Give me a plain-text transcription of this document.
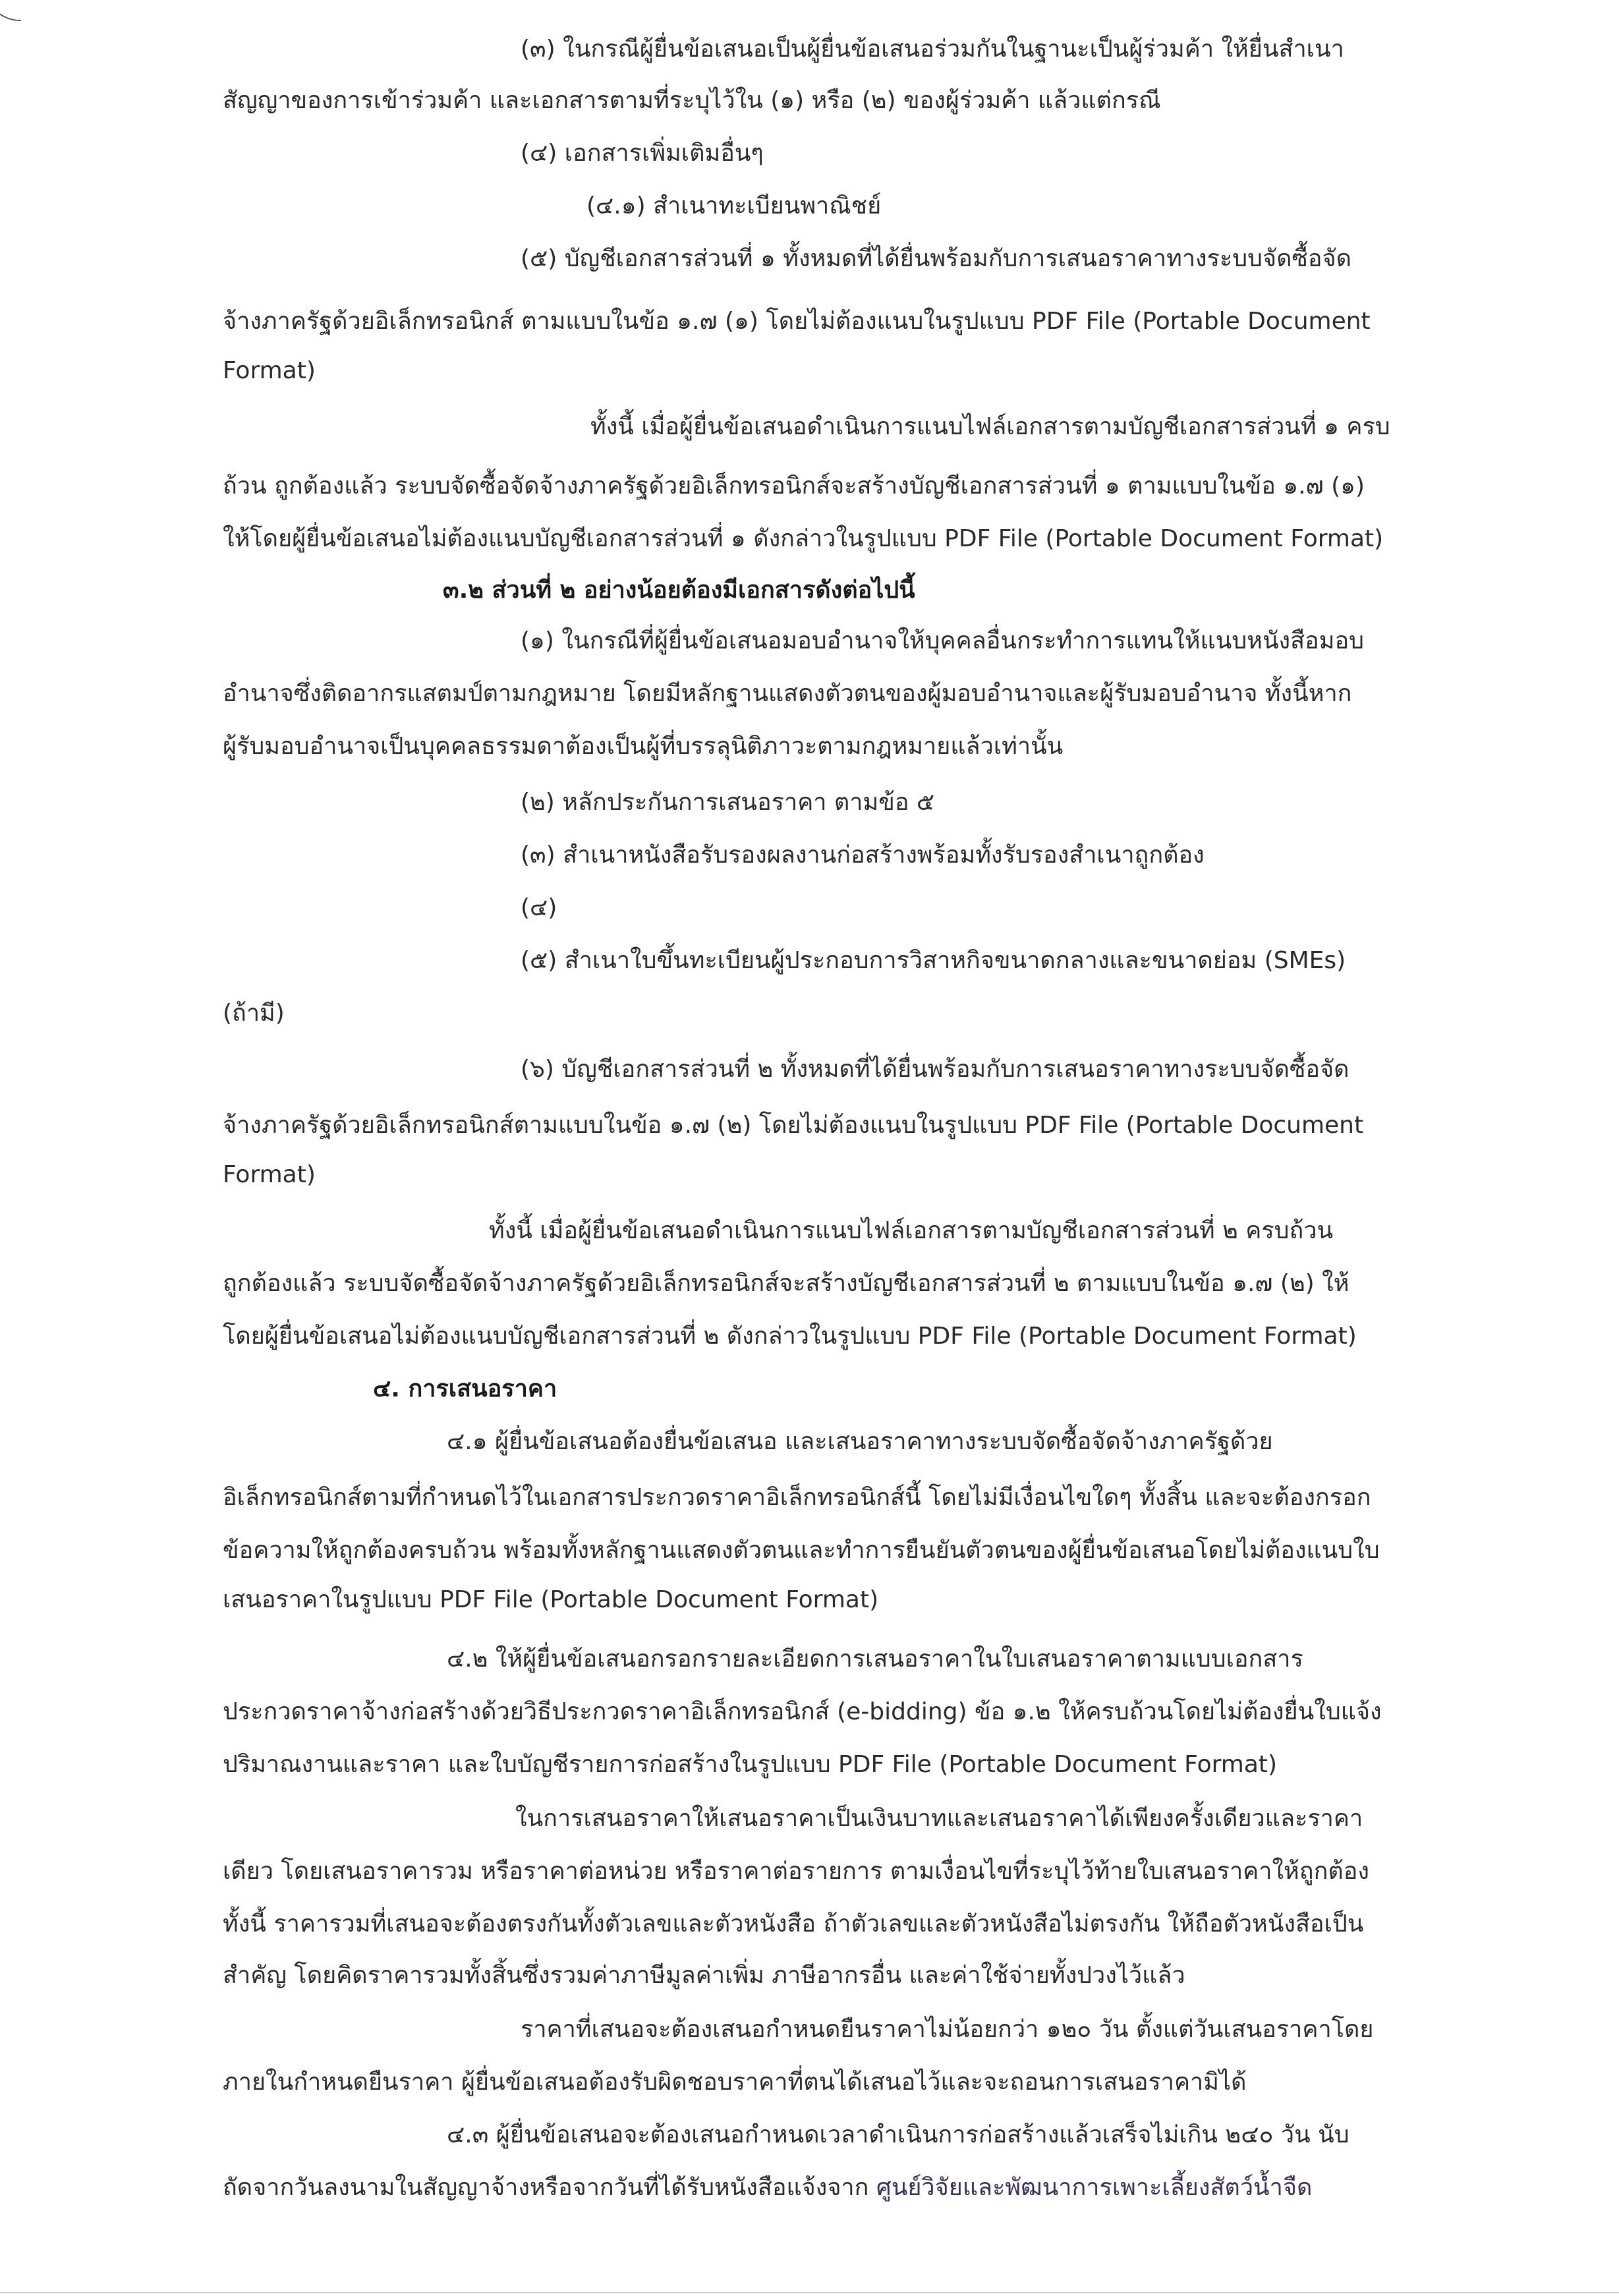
(๓) ในกรณีผู้ยื่นข้อเสนอเป็นผู้ยื่นข้อเสนอร่วมกันในฐานะเป็นผู้ร่วมค้า ให้ยื่นสำเนา
สัญญาของการเข้าร่วมค้า และเอกสารตามที่ระบุไว้ใน (๑) หรือ (๒) ของผู้ร่วมค้า แล้วแต่กรณี
(๔) เอกสารเพิ่มเติมอื่นๆ
(๔.๑) สำเนาทะเบียนพาณิชย์
(๕) บัญชีเอกสารส่วนที่ ๑ ทั้งหมดที่ได้ยื่นพร้อมกับการเสนอราคาทางระบบจัดซื้อจัด
จ้างภาครัฐด้วยอิเล็กทรอนิกส์ ตามแบบในข้อ ๑.๗ (๑) โดยไม่ต้องแนบในรูปแบบ PDF File (Portable Document
Format)
ทั้งนี้ เมื่อผู้ยื่นข้อเสนอดำเนินการแนบไฟล์เอกสารตามบัญชีเอกสารส่วนที่ ๑ ครบ
ถ้วน ถูกต้องแล้ว ระบบจัดซื้อจัดจ้างภาครัฐด้วยอิเล็กทรอนิกส์จะสร้างบัญชีเอกสารส่วนที่ ๑ ตามแบบในข้อ ๑.๗ (๑)
ให้โดยผู้ยื่นข้อเสนอไม่ต้องแนบบัญชีเอกสารส่วนที่ ๑ ดังกล่าวในรูปแบบ PDF File (Portable Document Format)
๓.๒ ส่วนที่ ๒ อย่างน้อยต้องมีเอกสารดังต่อไปนี้
(๑) ในกรณีที่ผู้ยื่นข้อเสนอมอบอำนาจให้บุคคลอื่นกระทำการแทนให้แนบหนังสือมอบ
อำนาจซึ่งติดอากรแสตมป์ตามกฎหมาย โดยมีหลักฐานแสดงตัวตนของผู้มอบอำนาจและผู้รับมอบอำนาจ ทั้งนี้หาก
ผู้รับมอบอำนาจเป็นบุคคลธรรมดาต้องเป็นผู้ที่บรรลุนิติภาวะตามกฎหมายแล้วเท่านั้น
(๒) หลักประกันการเสนอราคา ตามข้อ ๕
(๓) สำเนาหนังสือรับรองผลงานก่อสร้างพร้อมทั้งรับรองสำเนาถูกต้อง
(๔)
(๕) สำเนาใบขึ้นทะเบียนผู้ประกอบการวิสาหกิจขนาดกลางและขนาดย่อม (SMEs)
(ถ้ามี)
(๖) บัญชีเอกสารส่วนที่ ๒ ทั้งหมดที่ได้ยื่นพร้อมกับการเสนอราคาทางระบบจัดซื้อจัด
จ้างภาครัฐด้วยอิเล็กทรอนิกส์ตามแบบในข้อ ๑.๗ (๒) โดยไม่ต้องแนบในรูปแบบ PDF File (Portable Document
Format)
ทั้งนี้ เมื่อผู้ยื่นข้อเสนอดำเนินการแนบไฟล์เอกสารตามบัญชีเอกสารส่วนที่ ๒ ครบถ้วน
ถูกต้องแล้ว ระบบจัดซื้อจัดจ้างภาครัฐด้วยอิเล็กทรอนิกส์จะสร้างบัญชีเอกสารส่วนที่ ๒ ตามแบบในข้อ ๑.๗ (๒) ให้
โดยผู้ยื่นข้อเสนอไม่ต้องแนบบัญชีเอกสารส่วนที่ ๒ ดังกล่าวในรูปแบบ PDF File (Portable Document Format)
๔. การเสนอราคา
๔.๑ ผู้ยื่นข้อเสนอต้องยื่นข้อเสนอ และเสนอราคาทางระบบจัดซื้อจัดจ้างภาครัฐด้วย
อิเล็กทรอนิกส์ตามที่กำหนดไว้ในเอกสารประกวดราคาอิเล็กทรอนิกส์นี้ โดยไม่มีเงื่อนไขใดๆ ทั้งสิ้น และจะต้องกรอก
ข้อความให้ถูกต้องครบถ้วน พร้อมทั้งหลักฐานแสดงตัวตนและทำการยืนยันตัวตนของผู้ยื่นข้อเสนอโดยไม่ต้องแนบใบ
เสนอราคาในรูปแบบ PDF File (Portable Document Format)
๔.๒ ให้ผู้ยื่นข้อเสนอกรอกรายละเอียดการเสนอราคาในใบเสนอราคาตามแบบเอกสาร
ประกวดราคาจ้างก่อสร้างด้วยวิธีประกวดราคาอิเล็กทรอนิกส์ (e-bidding) ข้อ ๑.๒ ให้ครบถ้วนโดยไม่ต้องยื่นใบแจ้ง
ปริมาณงานและราคา และใบบัญชีรายการก่อสร้างในรูปแบบ PDF File (Portable Document Format)
ในการเสนอราคาให้เสนอราคาเป็นเงินบาทและเสนอราคาได้เพียงครั้งเดียวและราคา
เดียว โดยเสนอราคารวม หรือราคาต่อหน่วย หรือราคาต่อรายการ ตามเงื่อนไขที่ระบุไว้ท้ายใบเสนอราคาให้ถูกต้อง
ทั้งนี้ ราคารวมที่เสนอจะต้องตรงกันทั้งตัวเลขและตัวหนังสือ ถ้าตัวเลขและตัวหนังสือไม่ตรงกัน ให้ถือตัวหนังสือเป็น
สำคัญ โดยคิดราคารวมทั้งสิ้นซึ่งรวมค่าภาษีมูลค่าเพิ่ม ภาษีอากรอื่น และค่าใช้จ่ายทั้งปวงไว้แล้ว
ราคาที่เสนอจะต้องเสนอกำหนดยืนราคาไม่น้อยกว่า ๑๒๐ วัน ตั้งแต่วันเสนอราคาโดย
ภายในกำหนดยืนราคา ผู้ยื่นข้อเสนอต้องรับผิดชอบราคาที่ตนได้เสนอไว้และจะถอนการเสนอราคามิได้
๔.๓ ผู้ยื่นข้อเสนอจะต้องเสนอกำหนดเวลาดำเนินการก่อสร้างแล้วเสร็จไม่เกิน ๒๔๐ วัน นับ
ถัดจากวันลงนามในสัญญาจ้างหรือจากวันที่ได้รับหนังสือแจ้งจาก ศูนย์วิจัยและพัฒนาการเพาะเลี้ยงสัตว์น้ำจืด
